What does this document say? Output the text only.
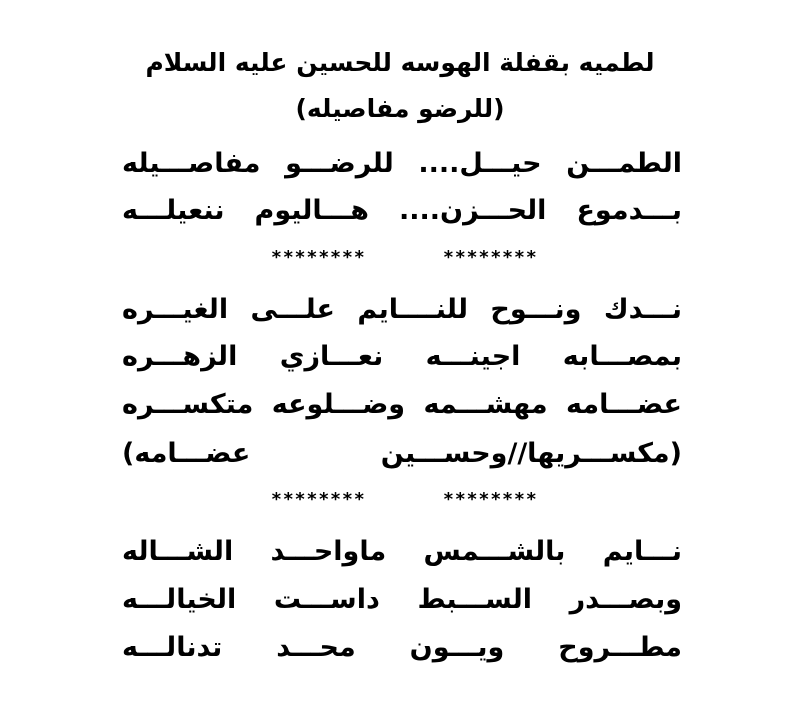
لطميه بقفلة الهوسه للحسين عليه السلام
(للرضو مفاصيله)
الطمـــن حيـــل.... للرضـــو مفاصـــيله
بـــدموع الحـــزن.... هـــاليوم ننعيلـــه
********	********
نـــدك ونـــوح للنــــايم علـــى الغيـــره
بمصـــابه اجينـــه نعـــازي الزهـــره
عضـــامه مهشـــمه وضـــلوعه متكســـره
(مكســـريها//وحســـين عضـــامه)
********	********
نـــايم بالشـــمس ماواحـــد الشـــاله
وبصـــدر الســـبط داســـت الخيالـــه
مطـــروح ويـــون محـــد تدنالـــه
